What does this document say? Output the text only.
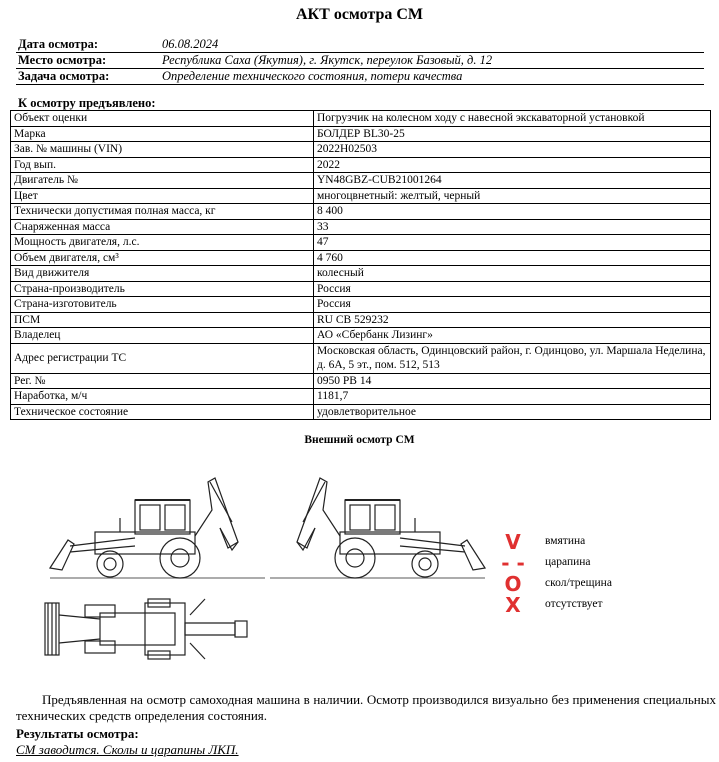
АКТ осмотра СМ
Дата осмотра:	06.08.2024
Место осмотра:	Республика Саха (Якутия), г. Якутск, переулок Базовый, д. 12
Задача осмотра:	Определение технического состояния, потери качества
К осмотру предъявлено:
Объект оценки	Погрузчик на колесном ходу с навесной экскаваторной установкой
Марка	БОЛДЕР BL30-25
Зав. № машины (VIN)	2022H02503
Год вып.	2022
Двигатель №	YN48GBZ-CUB21001264
Цвет	многоцвнетный: желтый, черный
Технически допустимая полная масса, кг	8 400
Снаряженная масса	33
Мощность двигателя, л.с.	47
Объем двигателя, см³	4 760
Вид движителя	колесный
Страна-производитель	Россия
Страна-изготовитель	Россия
ПСМ	RU CB 529232
Владелец	АО «Сбербанк Лизинг»
Адрес регистрации ТС	Московская область, Одинцовский район, г. Одинцово, ул. Маршала Неделина, д. 6А, 5 эт., пом. 512, 513
Рег. №	0950 РВ 14
Наработка, м/ч	1181,7
Техническое состояние	удовлетворительное
Внешний осмотр СМ
V	вмятина
- - царапина
O	скол/трещина
X	отсутствует
Предъявленная на осмотр самоходная машина в наличии. Осмотр производился визуально без применения специальных технических средств определения состояния.
Результаты осмотра:
СМ заводится. Сколы и царапины ЛКП.
